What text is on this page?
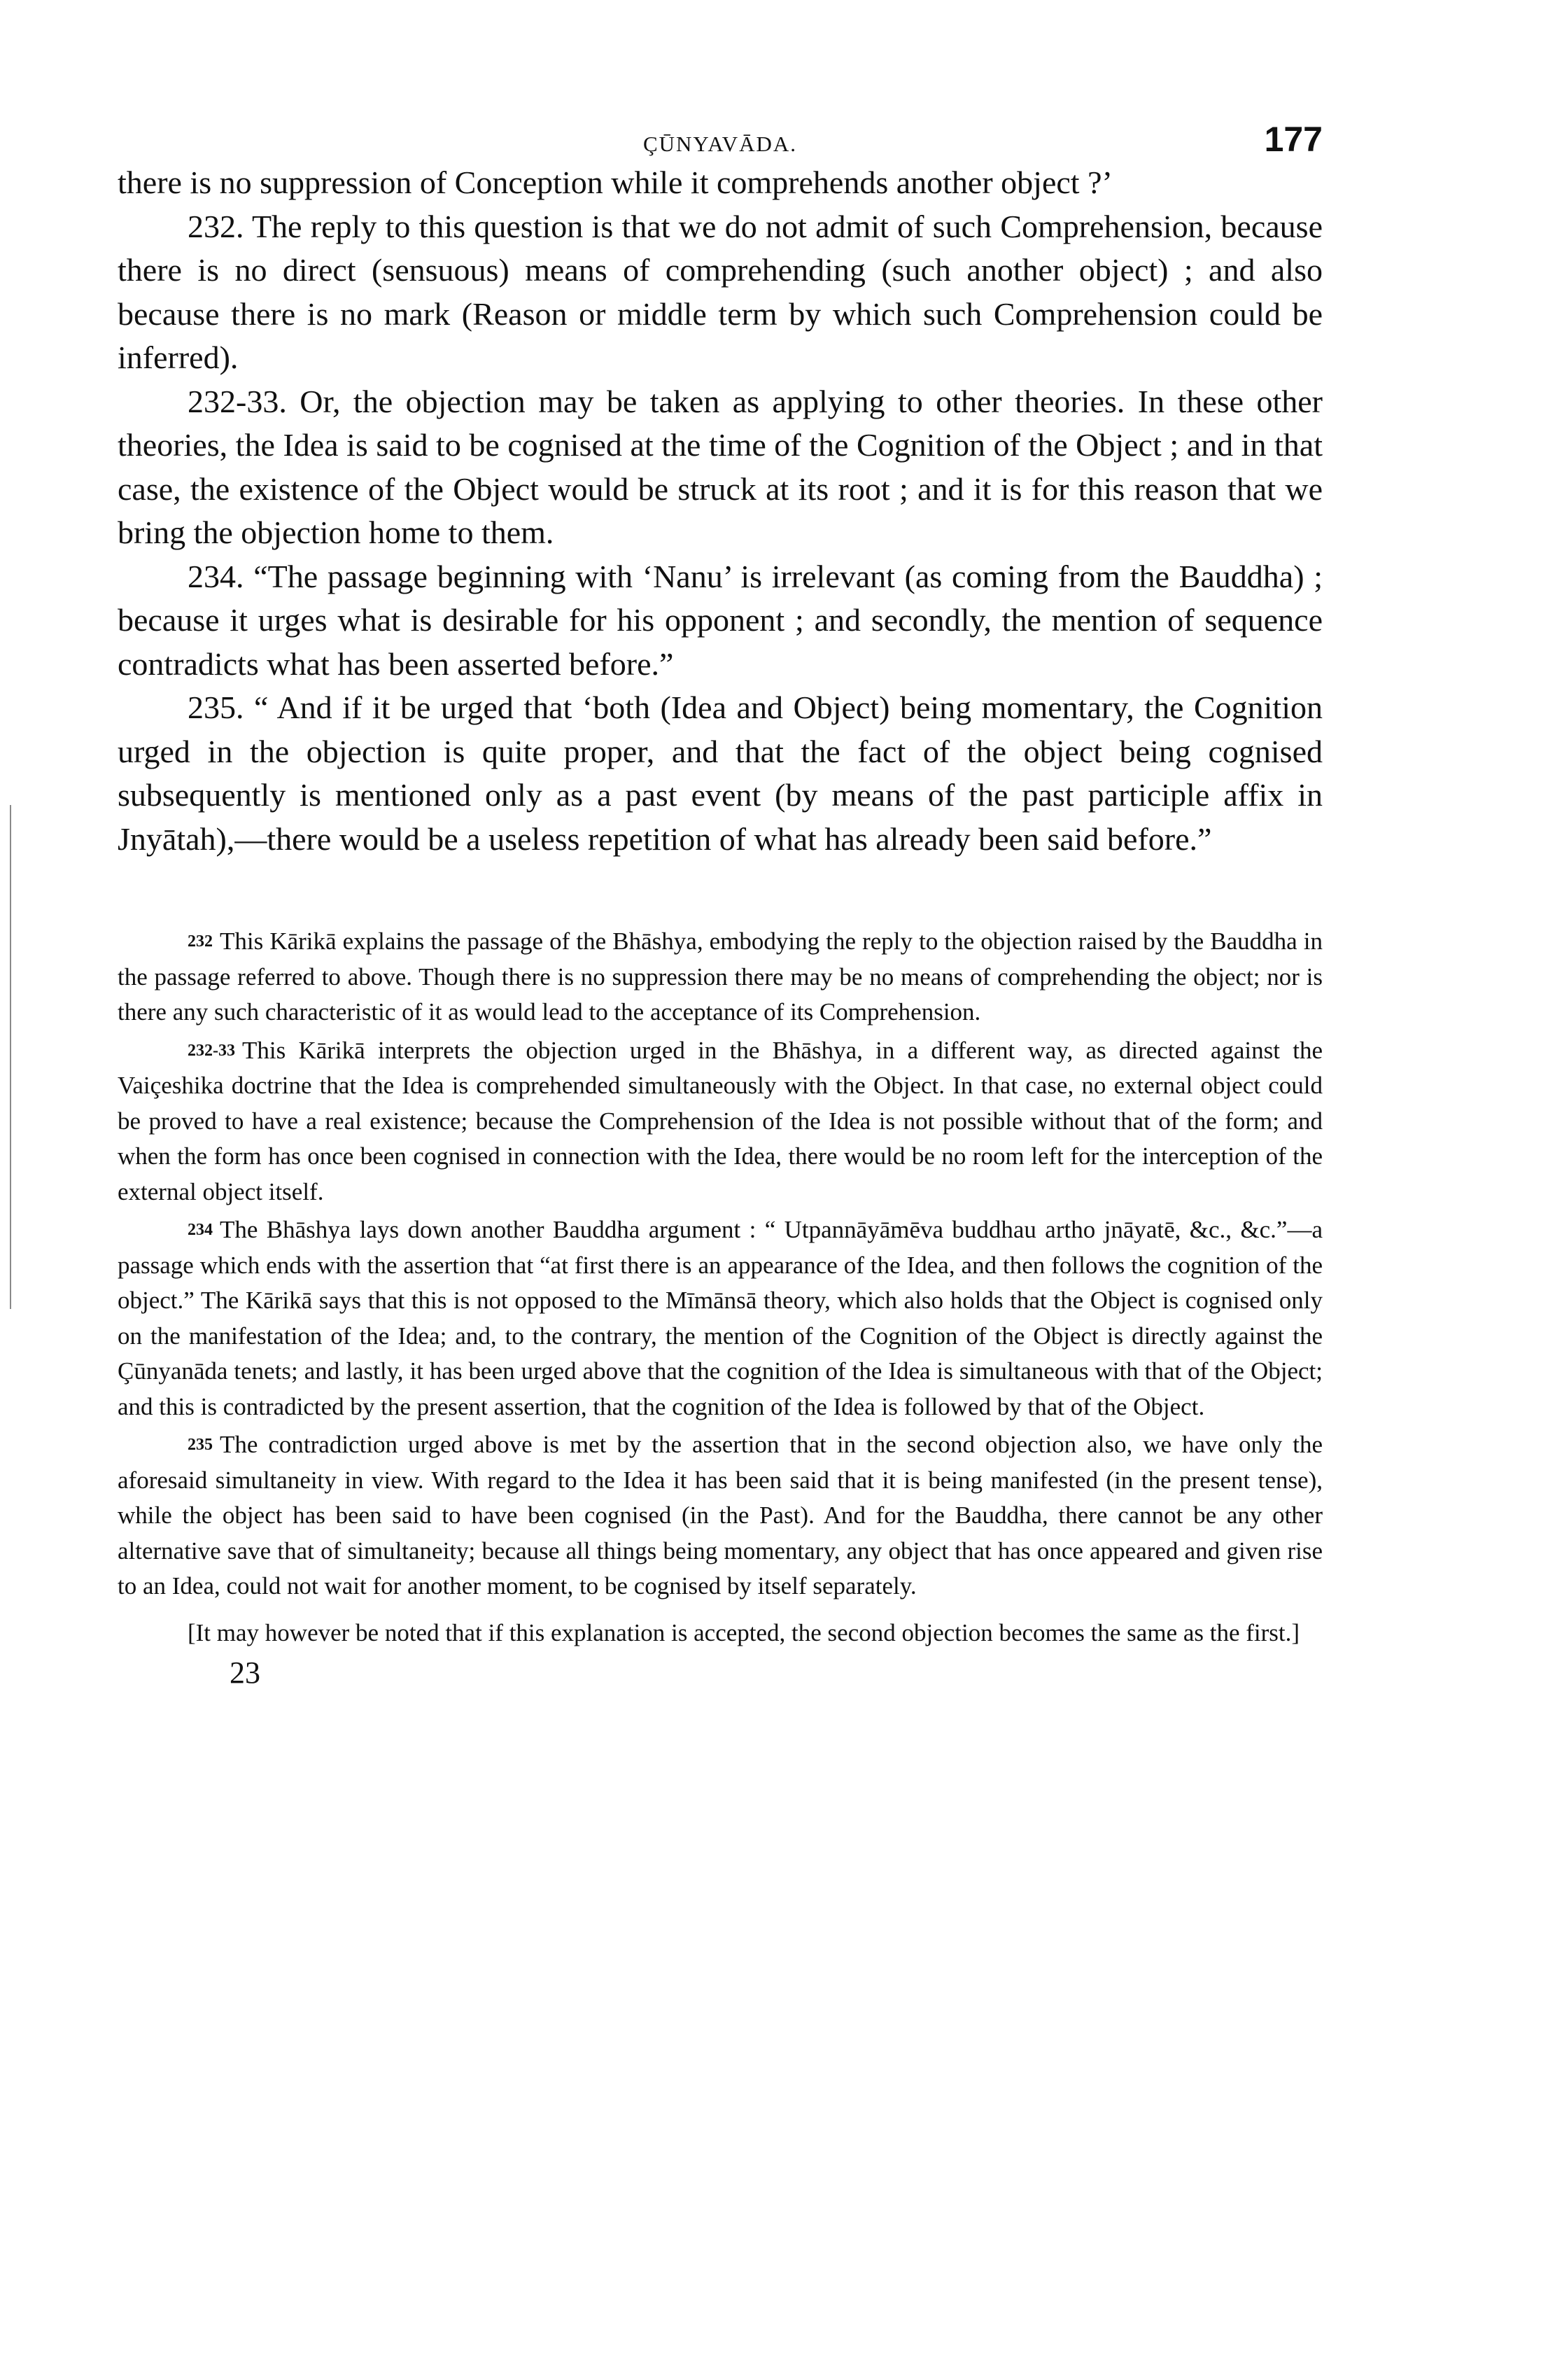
ÇŪNYAVĀDA.	177

there is no suppression of Conception while it comprehends another object ?’

232. The reply to this question is that we do not admit of such Comprehension, because there is no direct (sensuous) means of comprehending (such another object) ; and also because there is no mark (Reason or middle term by which such Comprehension could be inferred).

232-33. Or, the objection may be taken as applying to other theories. In these other theories, the Idea is said to be cognised at the time of the Cognition of the Object ; and in that case, the existence of the Object would be struck at its root ; and it is for this reason that we bring the objection home to them.

234. “The passage beginning with ‘Nanu’ is irrelevant (as coming from the Bauddha) ; because it urges what is desirable for his opponent ; and secondly, the mention of sequence contradicts what has been asserted before.”

235. “ And if it be urged that ‘both (Idea and Object) being momentary, the Cognition urged in the objection is quite proper, and that the fact of the object being cognised subsequently is mentioned only as a past event (by means of the past participle affix in Jnyātah),—there would be a useless repetition of what has already been said before.”

$^{232}$ This Kārikā explains the passage of the Bhāshya, embodying the reply to the objection raised by the Bauddha in the passage referred to above. Though there is no suppression there may be no means of comprehending the object; nor is there any such characteristic of it as would lead to the acceptance of its Comprehension.

$^{232-33}$ This Kārikā interprets the objection urged in the Bhāshya, in a different way, as directed against the Vaiçeshika doctrine that the Idea is comprehended simultaneously with the Object. In that case, no external object could be proved to have a real existence; because the Comprehension of the Idea is not possible without that of the form; and when the form has once been cognised in connection with the Idea, there would be no room left for the interception of the external object itself.

$^{234}$ The Bhāshya lays down another Bauddha argument : “ Utpannāyāmēva buddhau artho jnāyatē, &c., &c.”—a passage which ends with the assertion that “at first there is an appearance of the Idea, and then follows the cognition of the object.” The Kārikā says that this is not opposed to the Mīmānsā theory, which also holds that the Object is cognised only on the manifestation of the Idea; and, to the contrary, the mention of the Cognition of the Object is directly against the Çūnyanāda tenets; and lastly, it has been urged above that the cognition of the Idea is simultaneous with that of the Object; and this is contradicted by the present assertion, that the cognition of the Idea is followed by that of the Object.

$^{235}$ The contradiction urged above is met by the assertion that in the second objection also, we have only the aforesaid simultaneity in view. With regard to the Idea it has been said that it is being manifested (in the present tense), while the object has been said to have been cognised (in the Past). And for the Bauddha, there cannot be any other alternative save that of simultaneity; because all things being momentary, any object that has once appeared and given rise to an Idea, could not wait for another moment, to be cognised by itself separately.

[It may however be noted that if this explanation is accepted, the second objection becomes the same as the first.]

23
